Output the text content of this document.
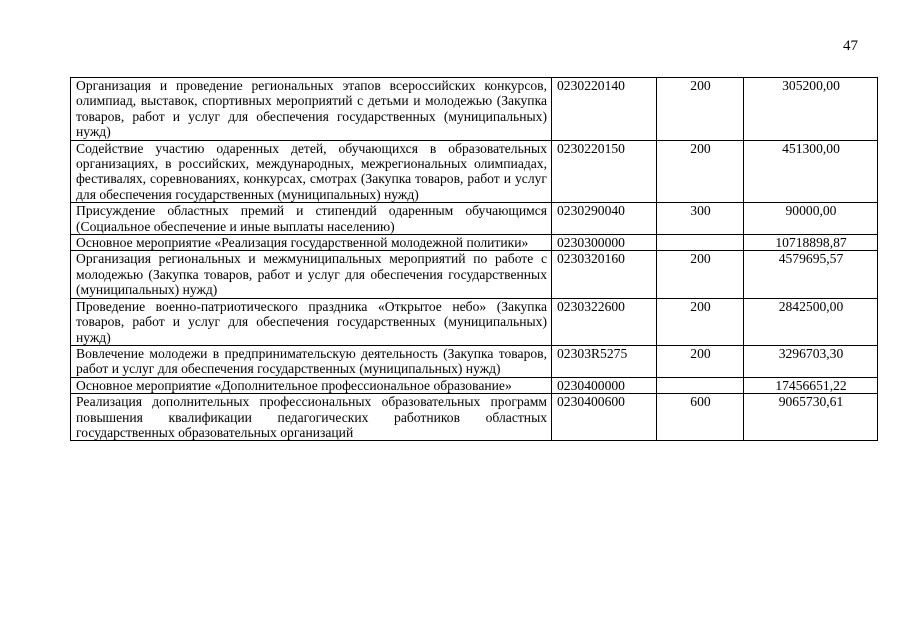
47
Организация и проведение региональных этапов всероссийских конкурсов, олимпиад, выставок, спортивных мероприятий с детьми и молодежью (Закупка товаров, работ и услуг для обеспечения государственных (муниципальных) нужд)	0230220140	200	305200,00
Содействие участию одаренных детей, обучающихся в образовательных организациях, в российских, международных, межрегиональных олимпиадах, фестивалях, соревнованиях, конкурсах, смотрах (Закупка товаров, работ и услуг для обеспечения государственных (муниципальных) нужд)	0230220150	200	451300,00
Присуждение областных премий и стипендий одаренным обучающимся (Социальное обеспечение и иные выплаты населению)	0230290040	300	90000,00
Основное мероприятие «Реализация государственной молодежной политики»	0230300000		10718898,87
Организация региональных и межмуниципальных мероприятий по работе с молодежью (Закупка товаров, работ и услуг для обеспечения государственных (муниципальных) нужд)	0230320160	200	4579695,57
Проведение военно-патриотического праздника «Открытое небо» (Закупка товаров, работ и услуг для обеспечения государственных (муниципальных) нужд)	0230322600	200	2842500,00
Вовлечение молодежи в предпринимательскую деятельность (Закупка товаров, работ и услуг для обеспечения государственных (муниципальных) нужд)	02303R5275	200	3296703,30
Основное мероприятие «Дополнительное профессиональное образование»	0230400000		17456651,22
Реализация дополнительных профессиональных образовательных программ повышения квалификации педагогических работников областных государственных образовательных организаций	0230400600	600	9065730,61
